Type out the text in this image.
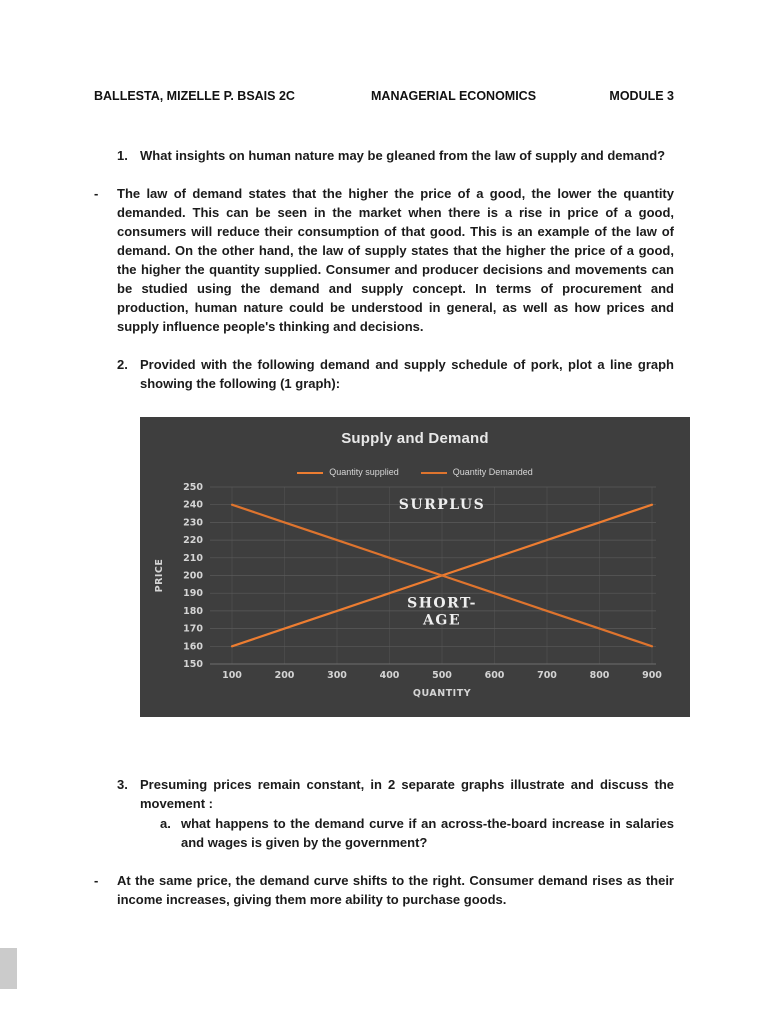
BALLESTA, MIZELLE P. BSAIS 2C	MANAGERIAL ECONOMICS	MODULE 3
1. What insights on human nature may be gleaned from the law of supply and demand?
-	The law of demand states that the higher the price of a good, the lower the quantity demanded. This can be seen in the market when there is a rise in price of a good, consumers will reduce their consumption of that good. This is an example of the law of demand. On the other hand, the law of supply states that the higher the price of a good, the higher the quantity supplied. Consumer and producer decisions and movements can be studied using the demand and supply concept. In terms of procurement and production, human nature could be understood in general, as well as how prices and supply influence people's thinking and decisions.
2. Provided with the following demand and supply schedule of pork, plot a line graph showing the following (1 graph):
Supply and Demand
Quantity supplied	Quantity Demanded
150
160
170
180
190
200
210
220
230
240
250
100	200	300	400	500	600	700	800	900
QUANTITY
PRICE
SURPLUS
SHORT-AGE
3. Presuming prices remain constant, in 2 separate graphs illustrate and discuss the movement :
a. what happens to the demand curve if an across-the-board increase in salaries and wages is given by the government?
-	At the same price, the demand curve shifts to the right. Consumer demand rises as their income increases, giving them more ability to purchase goods.
